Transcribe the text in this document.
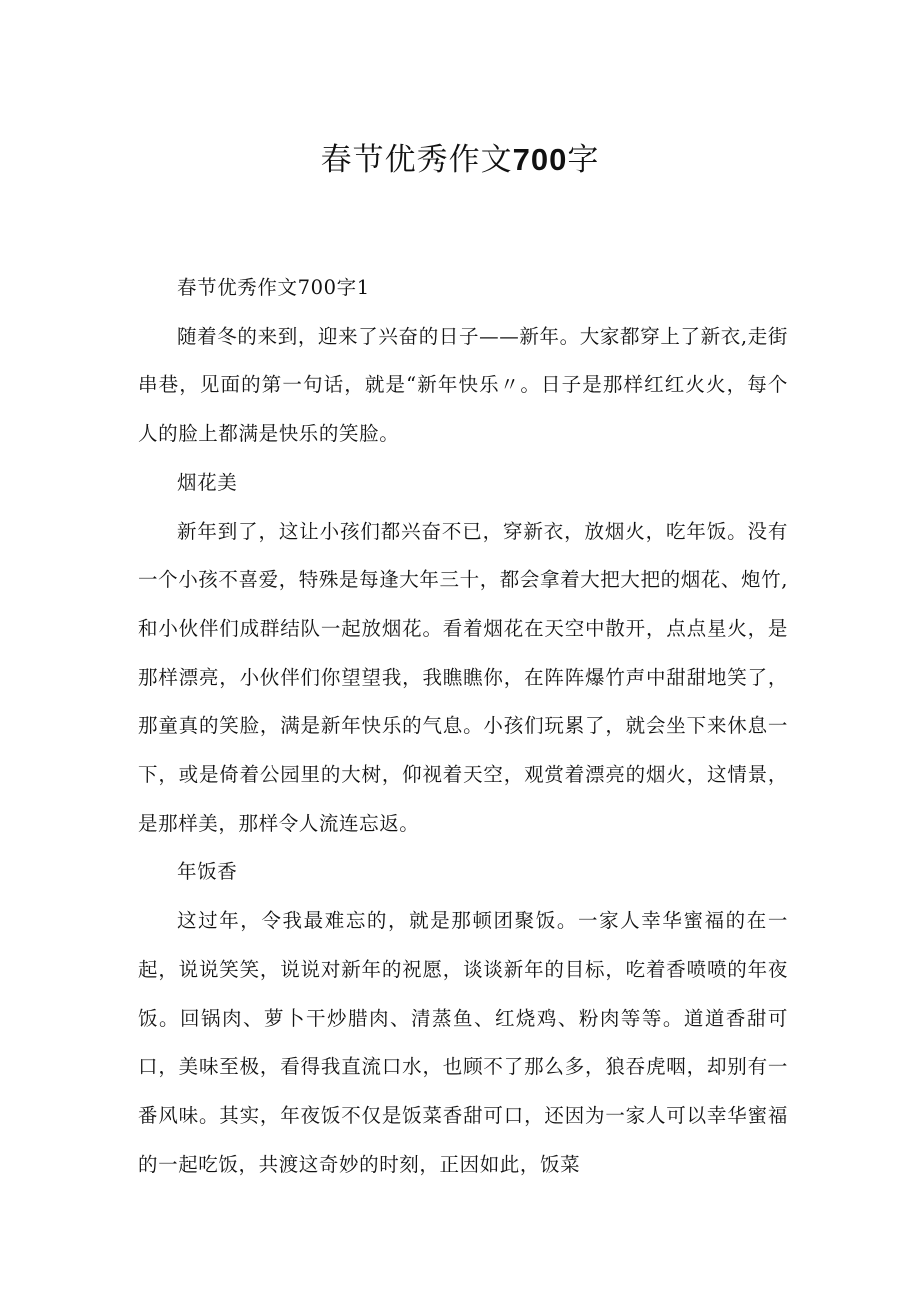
春节优秀作文700字

春节优秀作文700字1

随着冬的来到，迎来了兴奋的日子——新年。大家都穿上了新衣,走街串巷，见面的第一句话，就是“新年快乐〃。日子是那样红红火火，每个人的脸上都满是快乐的笑脸。

烟花美

新年到了，这让小孩们都兴奋不已，穿新衣，放烟火，吃年饭。没有一个小孩不喜爱，特殊是每逢大年三十，都会拿着大把大把的烟花、炮竹,和小伙伴们成群结队一起放烟花。看着烟花在天空中散开，点点星火，是那样漂亮，小伙伴们你望望我，我瞧瞧你，在阵阵爆竹声中甜甜地笑了，那童真的笑脸，满是新年快乐的气息。小孩们玩累了，就会坐下来休息一下，或是倚着公园里的大树，仰视着天空，观赏着漂亮的烟火，这情景，是那样美，那样令人流连忘返。

年饭香

这过年，令我最难忘的，就是那顿团聚饭。一家人幸华蜜福的在一起，说说笑笑，说说对新年的祝愿，谈谈新年的目标，吃着香喷喷的年夜饭。回锅肉、萝卜干炒腊肉、清蒸鱼、红烧鸡、粉肉等等。道道香甜可口，美味至极，看得我直流口水，也顾不了那么多，狼吞虎咽，却别有一番风味。其实，年夜饭不仅是饭菜香甜可口，还因为一家人可以幸华蜜福的一起吃饭，共渡这奇妙的时刻，正因如此，饭菜
